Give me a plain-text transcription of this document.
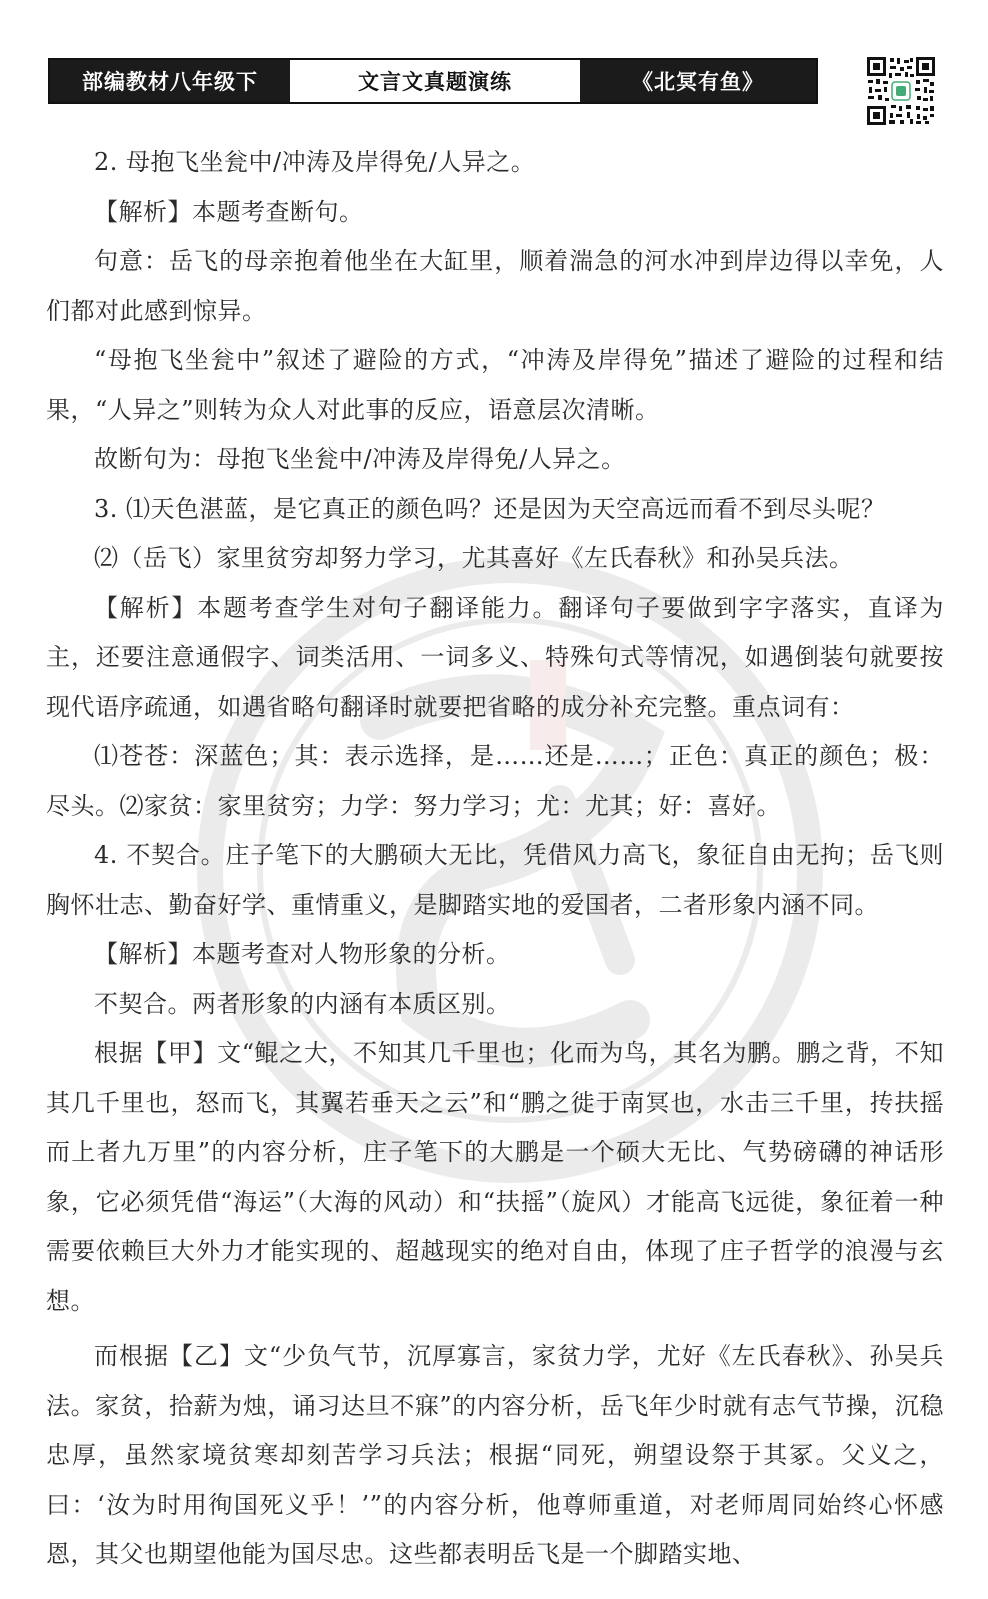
部编教材八年级下	文言文真题演练	《北冥有鱼》

2. 母抱飞坐瓮中/冲涛及岸得免/人异之。

【解析】本题考查断句。

句意：岳飞的母亲抱着他坐在大缸里，顺着湍急的河水冲到岸边得以幸免，人们都对此感到惊异。

“母抱飞坐瓮中”叙述了避险的方式，“冲涛及岸得免”描述了避险的过程和结果，“人异之”则转为众人对此事的反应，语意层次清晰。

故断句为：母抱飞坐瓮中/冲涛及岸得免/人异之。

3. ⑴天色湛蓝，是它真正的颜色吗？还是因为天空高远而看不到尽头呢？

⑵（岳飞）家里贫穷却努力学习，尤其喜好《左氏春秋》和孙吴兵法。

【解析】本题考查学生对句子翻译能力。翻译句子要做到字字落实，直译为主，还要注意通假字、词类活用、一词多义、特殊句式等情况，如遇倒装句就要按现代语序疏通，如遇省略句翻译时就要把省略的成分补充完整。重点词有：

⑴苍苍：深蓝色；其：表示选择，是……还是……；正色：真正的颜色；极：尽头。⑵家贫：家里贫穷；力学：努力学习；尤：尤其；好：喜好。

4. 不契合。庄子笔下的大鹏硕大无比，凭借风力高飞，象征自由无拘；岳飞则胸怀壮志、勤奋好学、重情重义，是脚踏实地的爱国者，二者形象内涵不同。

【解析】本题考查对人物形象的分析。

不契合。两者形象的内涵有本质区别。

根据【甲】文“鲲之大，不知其几千里也；化而为鸟，其名为鹏。鹏之背，不知其几千里也，怒而飞，其翼若垂天之云”和“鹏之徙于南冥也，水击三千里，抟扶摇而上者九万里”的内容分析，庄子笔下的大鹏是一个硕大无比、气势磅礴的神话形象，它必须凭借“海运”（大海的风动）和“扶摇”（旋风）才能高飞远徙，象征着一种需要依赖巨大外力才能实现的、超越现实的绝对自由，体现了庄子哲学的浪漫与玄想。

而根据【乙】文“少负气节，沉厚寡言，家贫力学，尤好《左氏春秋》、孙吴兵法。家贫，拾薪为烛，诵习达旦不寐”的内容分析，岳飞年少时就有志气节操，沉稳忠厚，虽然家境贫寒却刻苦学习兵法；根据“同死，朔望设祭于其冢。父义之，曰：‘汝为时用徇国死义乎！’”的内容分析，他尊师重道，对老师周同始终心怀感恩，其父也期望他能为国尽忠。这些都表明岳飞是一个脚踏实地、
